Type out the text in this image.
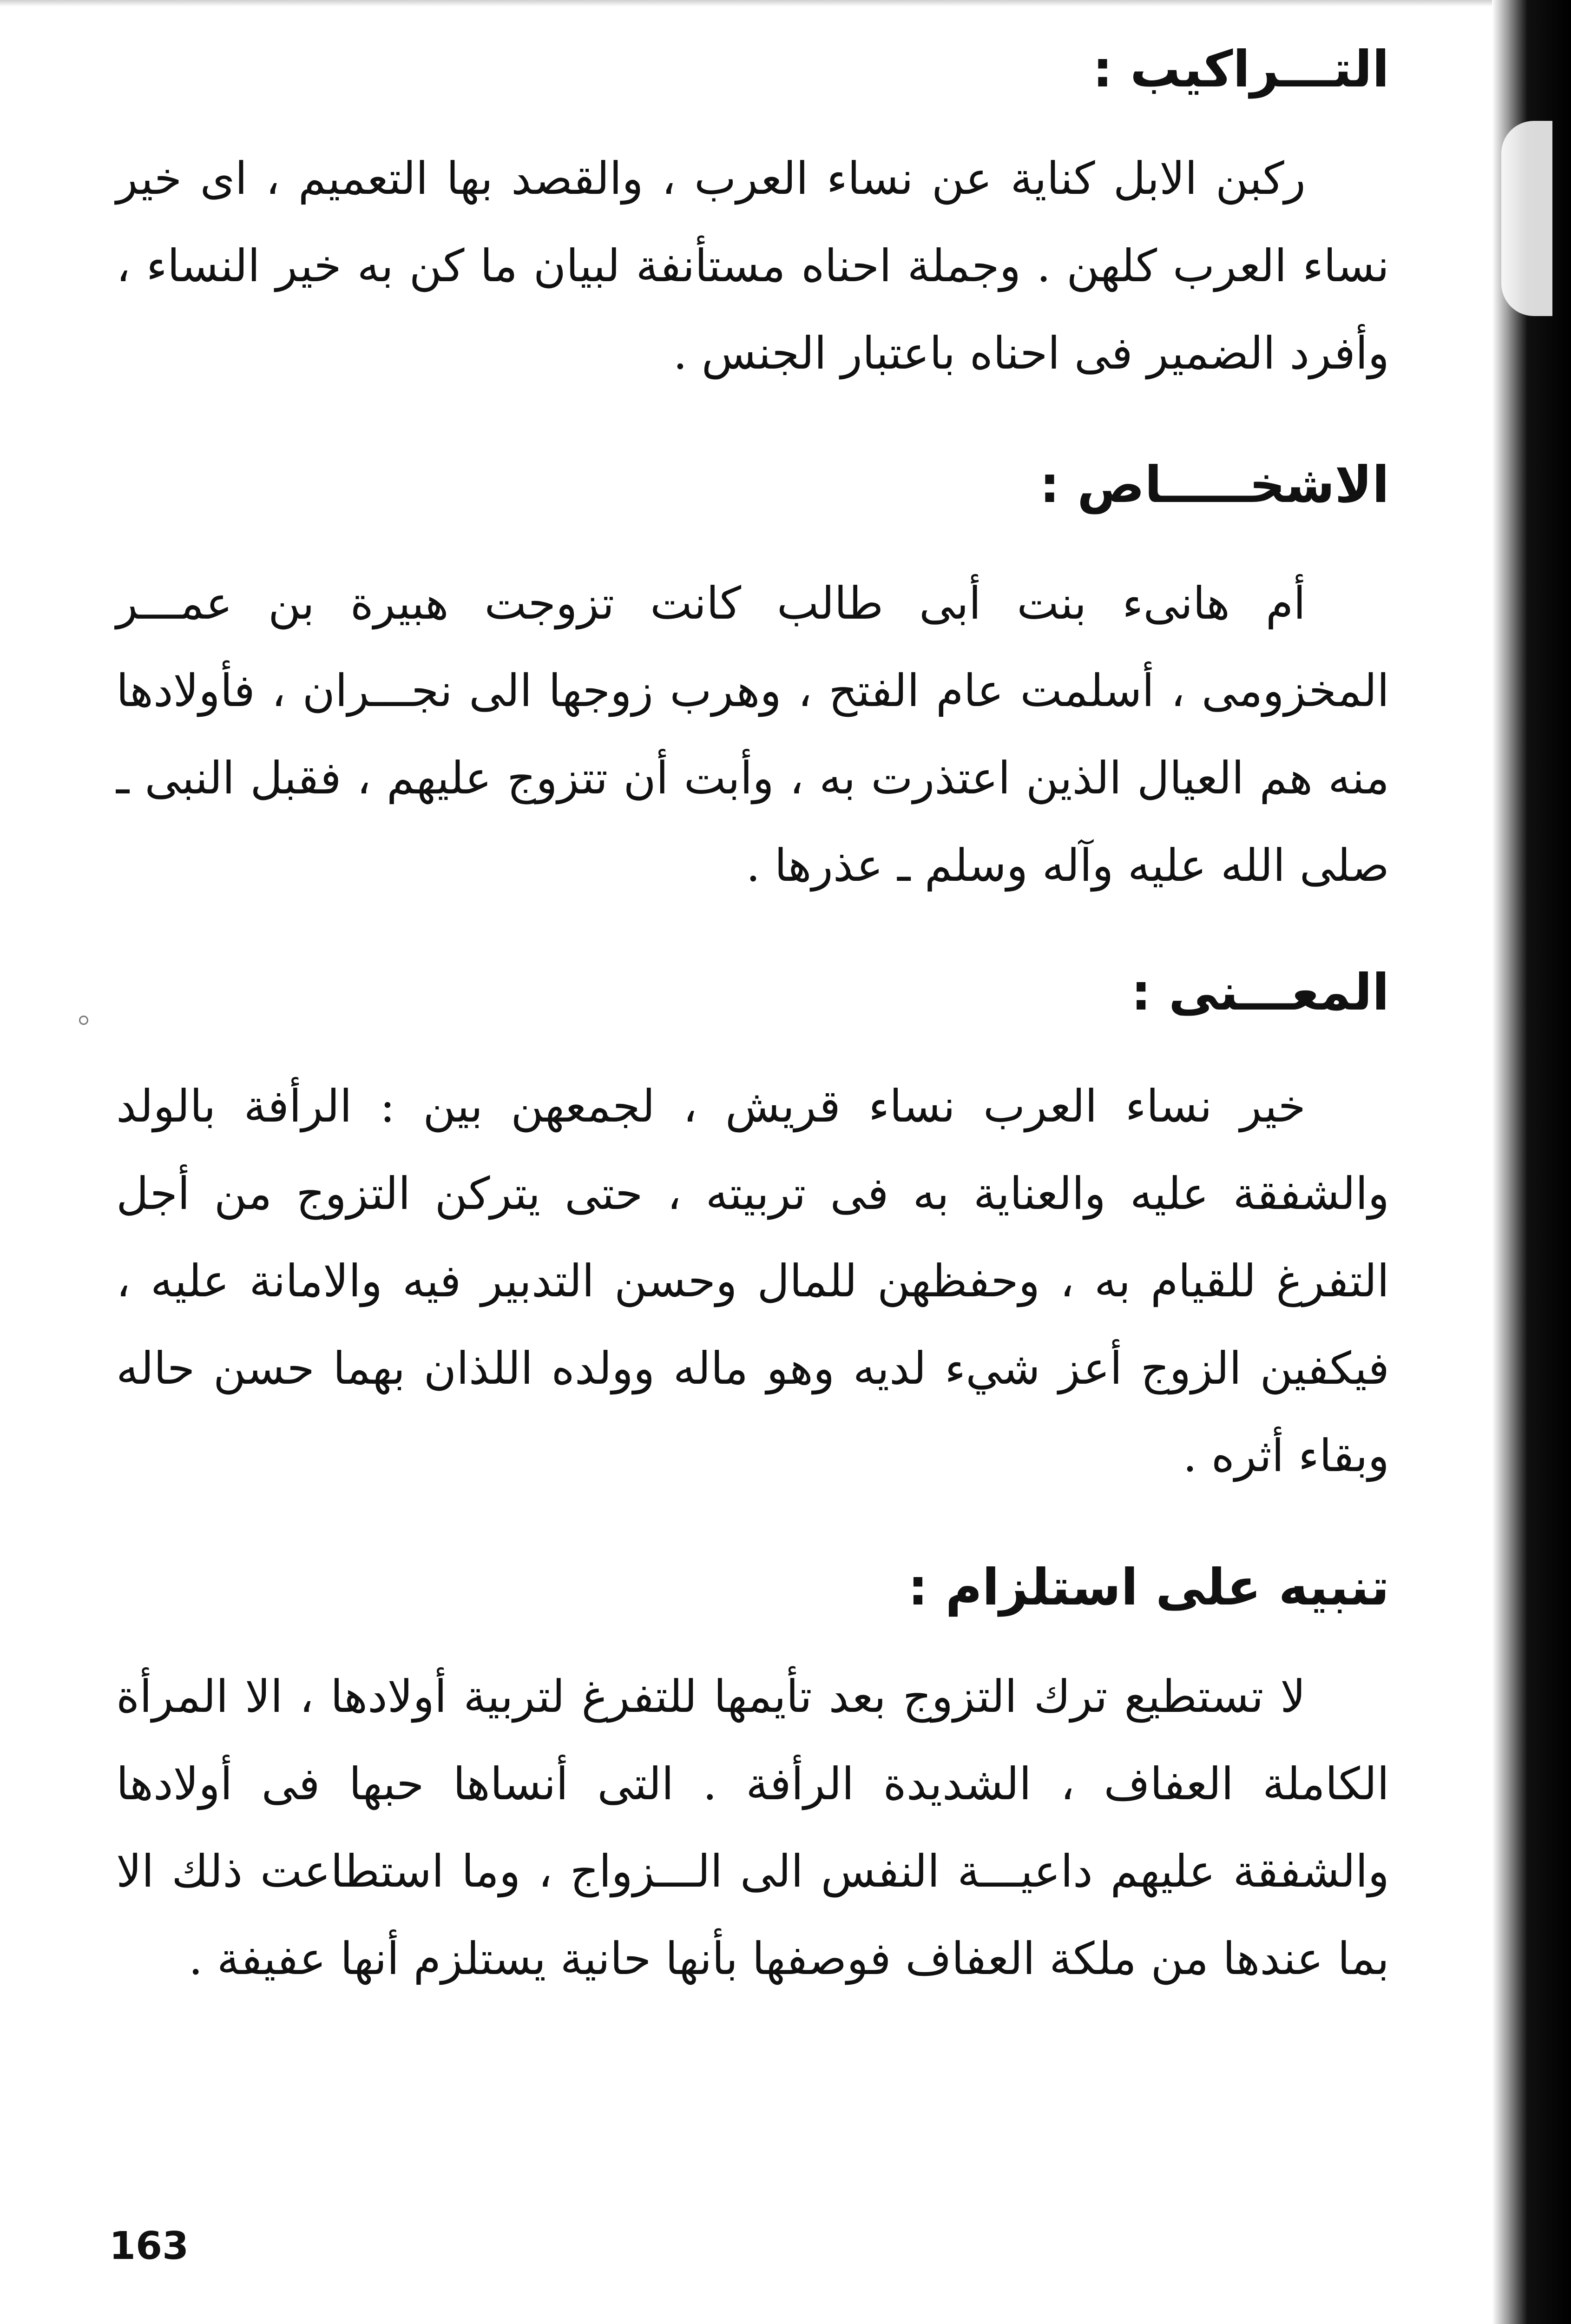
التـــراكيب :

ركبن الابل كناية عن نساء العرب ، والقصد بها التعميم ، اى خير نساء العرب كلهن . وجملة احناه مستأنفة لبيان ما كن به خير النساء ، وأفرد الضمير فى احناه باعتبار الجنس .

الاشخـــــاص :

أم هانىء بنت أبى طالب كانت تزوجت هبيرة بن عمـــر المخزومى ، أسلمت عام الفتح ، وهرب زوجها الى نجـــران ، فأولادها منه هم العيال الذين اعتذرت به ، وأبت أن تتزوج عليهم ، فقبل النبى ـ صلى الله عليه وآله وسلم ـ عذرها .

المعـــنى :

خير نساء العرب نساء قريش ، لجمعهن بين : الرأفة بالولد والشفقة عليه والعناية به فى تربيته ، حتى يتركن التزوج من أجل التفرغ للقيام به ، وحفظهن للمال وحسن التدبير فيه والامانة عليه ، فيكفين الزوج أعز شيء لديه وهو ماله وولده اللذان بهما حسن حاله وبقاء أثره .

تنبيه على استلزام :

لا تستطيع ترك التزوج بعد تأيمها للتفرغ لتربية أولادها ، الا المرأة الكاملة العفاف ، الشديدة الرأفة . التى أنساها حبها فى أولادها والشفقة عليهم داعيـــة النفس الى الـــزواج ، وما استطاعت ذلك الا بما عندها من ملكة العفاف فوصفها بأنها حانية يستلزم أنها عفيفة .

163
